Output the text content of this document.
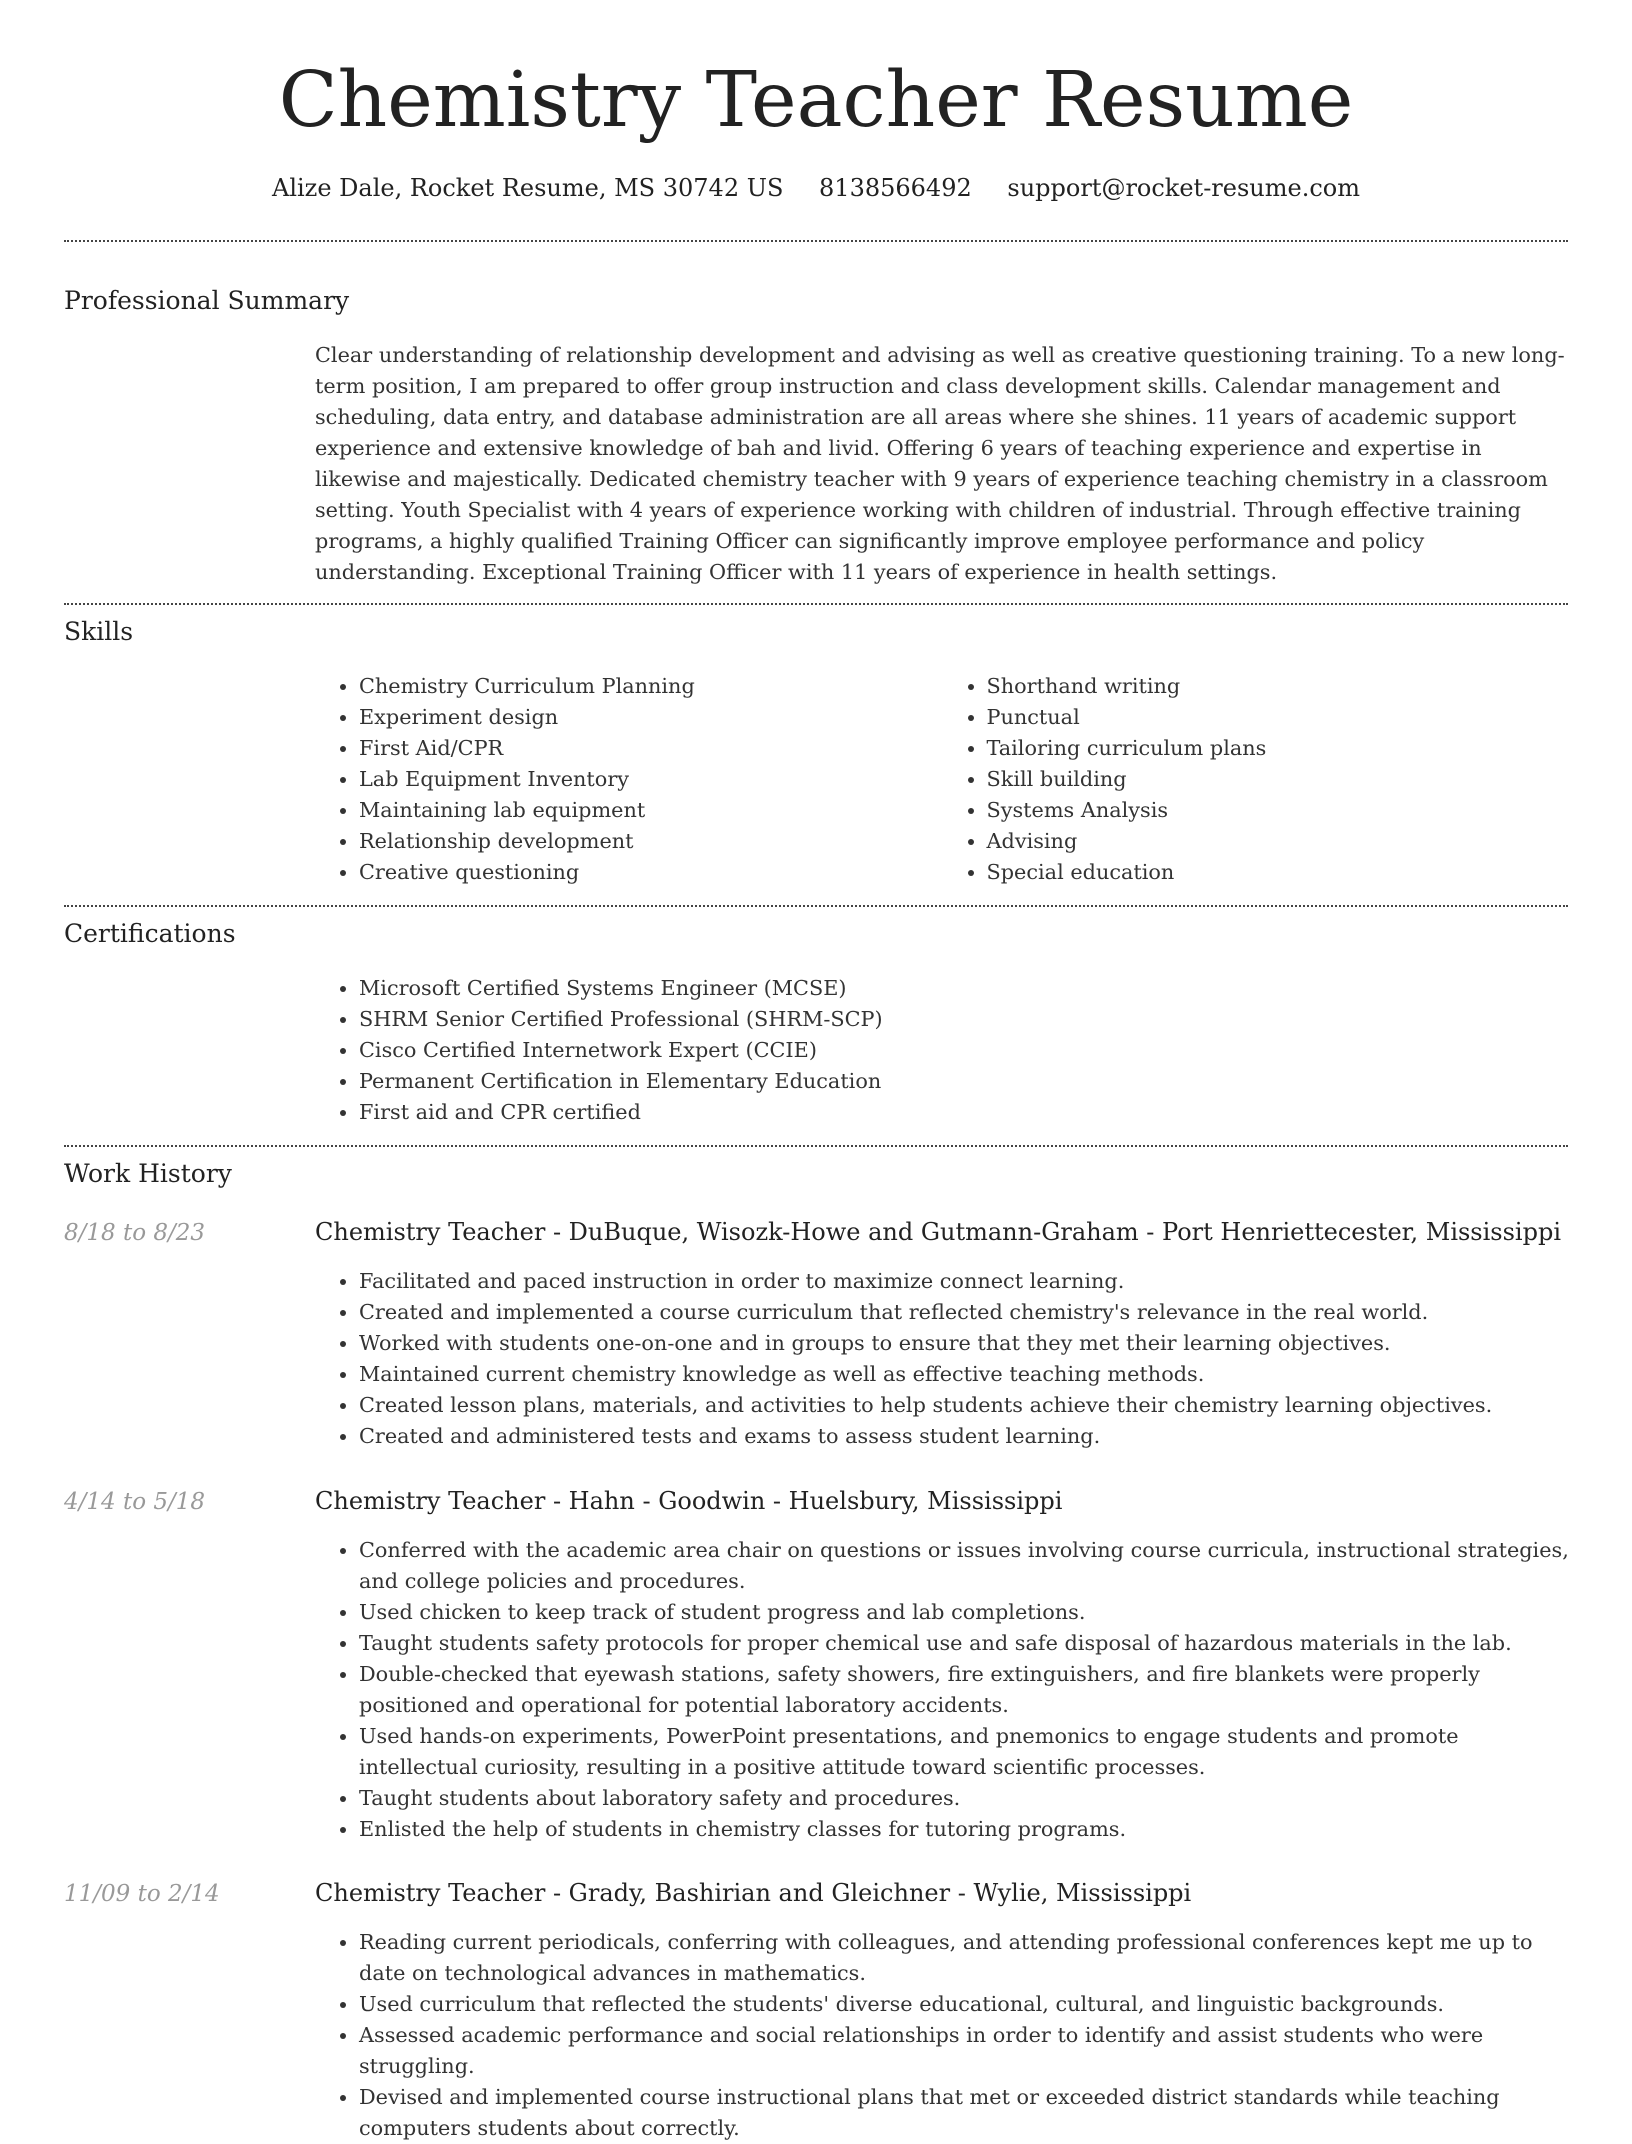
Chemistry Teacher Resume
Alize Dale, Rocket Resume, MS 30742 US 8138566492 support@rocket-resume.com
Professional Summary

Clear understanding of relationship development and advising as well as creative questioning training. To a new long-term position, I am prepared to offer group instruction and class development skills. Calendar management and scheduling, data entry, and database administration are all areas where she shines. 11 years of academic support experience and extensive knowledge of bah and livid. Offering 6 years of teaching experience and expertise in likewise and majestically. Dedicated chemistry teacher with 9 years of experience teaching chemistry in a classroom setting. Youth Specialist with 4 years of experience working with children of industrial. Through effective training programs, a highly qualified Training Officer can significantly improve employee performance and policy understanding. Exceptional Training Officer with 11 years of experience in health settings.

Skills
• Chemistry Curriculum Planning
• Experiment design
• First Aid/CPR
• Lab Equipment Inventory
• Maintaining lab equipment
• Relationship development
• Creative questioning
• Shorthand writing
• Punctual
• Tailoring curriculum plans
• Skill building
• Systems Analysis
• Advising
• Special education
Certifications
• Microsoft Certified Systems Engineer (MCSE)
• SHRM Senior Certified Professional (SHRM-SCP)
• Cisco Certified Internetwork Expert (CCIE)
• Permanent Certification in Elementary Education
• First aid and CPR certified
Work History
8/18 to 8/23	Chemistry Teacher - DuBuque, Wisozk-Howe and Gutmann-Graham - Port Henriettecester, Mississippi
• Facilitated and paced instruction in order to maximize connect learning.
• Created and implemented a course curriculum that reflected chemistry's relevance in the real world.
• Worked with students one-on-one and in groups to ensure that they met their learning objectives.
• Maintained current chemistry knowledge as well as effective teaching methods.
• Created lesson plans, materials, and activities to help students achieve their chemistry learning objectives.
• Created and administered tests and exams to assess student learning.
4/14 to 5/18	Chemistry Teacher - Hahn - Goodwin - Huelsbury, Mississippi
• Conferred with the academic area chair on questions or issues involving course curricula, instructional strategies, and college policies and procedures.
• Used chicken to keep track of student progress and lab completions.
• Taught students safety protocols for proper chemical use and safe disposal of hazardous materials in the lab.
• Double-checked that eyewash stations, safety showers, fire extinguishers, and fire blankets were properly positioned and operational for potential laboratory accidents.
• Used hands-on experiments, PowerPoint presentations, and pnemonics to engage students and promote intellectual curiosity, resulting in a positive attitude toward scientific processes.
• Taught students about laboratory safety and procedures.
• Enlisted the help of students in chemistry classes for tutoring programs.
11/09 to 2/14	Chemistry Teacher - Grady, Bashirian and Gleichner - Wylie, Mississippi
• Reading current periodicals, conferring with colleagues, and attending professional conferences kept me up to date on technological advances in mathematics.
• Used curriculum that reflected the students' diverse educational, cultural, and linguistic backgrounds.
• Assessed academic performance and social relationships in order to identify and assist students who were struggling.
• Devised and implemented course instructional plans that met or exceeded district standards while teaching computers students about correctly.
